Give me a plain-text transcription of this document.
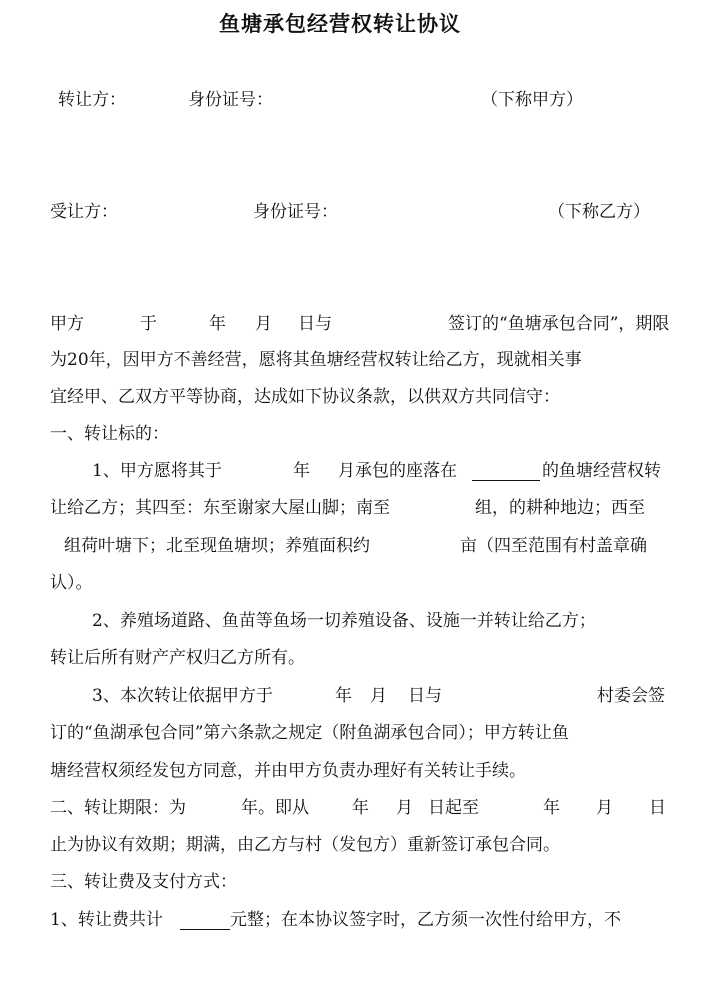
鱼塘承包经营权转让协议
转让方：	身份证号：	（下称甲方）
受让方：	身份证号：	（下称乙方）
甲方	于	年 月 日与	签订的“鱼塘承包合同”，期限
为20年，因甲方不善经营，愿将其鱼塘经营权转让给乙方，现就相关事
宜经甲、乙双方平等协商，达成如下协议条款，以供双方共同信守：
一、转让标的：
1、甲方愿将其于	年 月承包的座落在	的鱼塘经营权转
让给乙方；其四至：东至谢家大屋山脚；南至	组，的耕种地边；西至
组荷叶塘下；北至现鱼塘坝；养殖面积约	亩（四至范围有村盖章确
认）。
2、养殖场道路、鱼苗等鱼场一切养殖设备、设施一并转让给乙方；
转让后所有财产产权归乙方所有。
3、本次转让依据甲方于	年 月 日与	村委会签
订的“鱼湖承包合同”第六条款之规定（附鱼湖承包合同）；甲方转让鱼
塘经营权须经发包方同意，并由甲方负责办理好有关转让手续。
二、转让期限：为	年。即从	年 月 日起至	年 月 日
止为协议有效期；期满，由乙方与村（发包方）重新签订承包合同。
三、转让费及支付方式：
1、转让费共计	元整；在本协议签字时，乙方须一次性付给甲方，不
